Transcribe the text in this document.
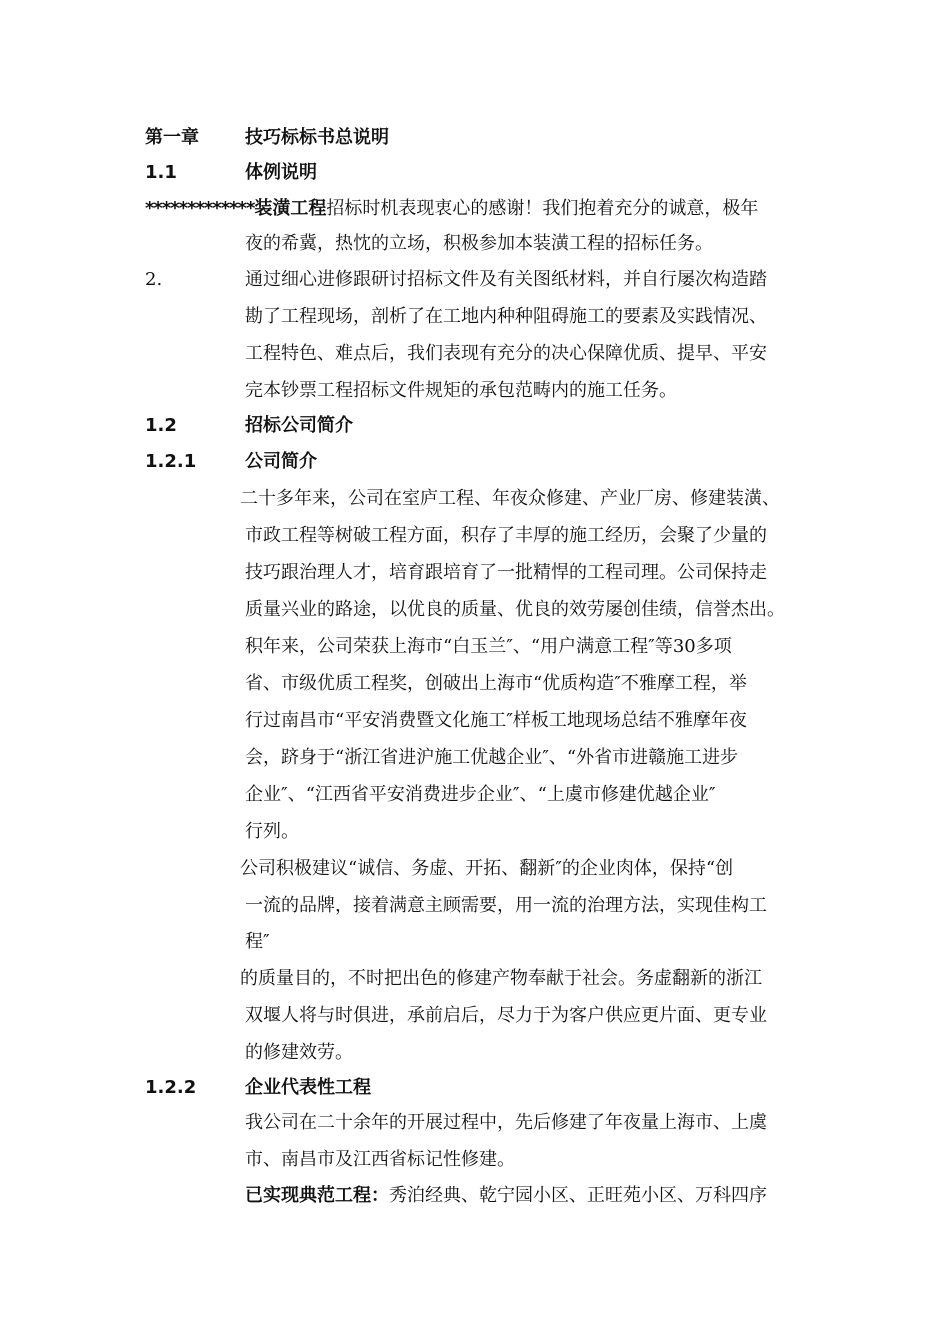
第一章	技巧标标书总说明
1.1	体例说明
*************装潢工程招标时机表现衷心的感谢！我们抱着充分的诚意，极年
夜的希冀，热忱的立场，积极参加本装潢工程的招标任务。
2.	通过细心进修跟研讨招标文件及有关图纸材料，并自行屡次构造踏
勘了工程现场，剖析了在工地内种种阻碍施工的要素及实践情况、
工程特色、难点后，我们表现有充分的决心保障优质、提早、平安
完本钞票工程招标文件规矩的承包范畴内的施工任务。
1.2	招标公司简介
1.2.1	公司简介
二十多年来，公司在室庐工程、年夜众修建、产业厂房、修建装潢、
市政工程等树破工程方面，积存了丰厚的施工经历，会聚了少量的
技巧跟治理人才，培育跟培育了一批精悍的工程司理。公司保持走
质量兴业的路途，以优良的质量、优良的效劳屡创佳绩，信誉杰出。
积年来，公司荣获上海市“白玉兰″、“用户满意工程″等30多项
省、市级优质工程奖，创破出上海市“优质构造″不雅摩工程，举
行过南昌市“平安消费暨文化施工″样板工地现场总结不雅摩年夜
会，跻身于“浙江省进沪施工优越企业″、“外省市进赣施工进步
企业″、“江西省平安消费进步企业″、“上虞市修建优越企业″
行列。
公司积极建议“诚信、务虚、开拓、翻新″的企业肉体，保持“创
一流的品牌，接着满意主顾需要，用一流的治理方法，实现佳构工
程″
的质量目的，不时把出色的修建产物奉献于社会。务虚翻新的浙江
双堰人将与时俱进，承前启后，尽力于为客户供应更片面、更专业
的修建效劳。
1.2.2	企业代表性工程
我公司在二十余年的开展过程中，先后修建了年夜量上海市、上虞
市、南昌市及江西省标记性修建。
已实现典范工程：秀泊经典、乾宁园小区、正旺苑小区、万科四序
